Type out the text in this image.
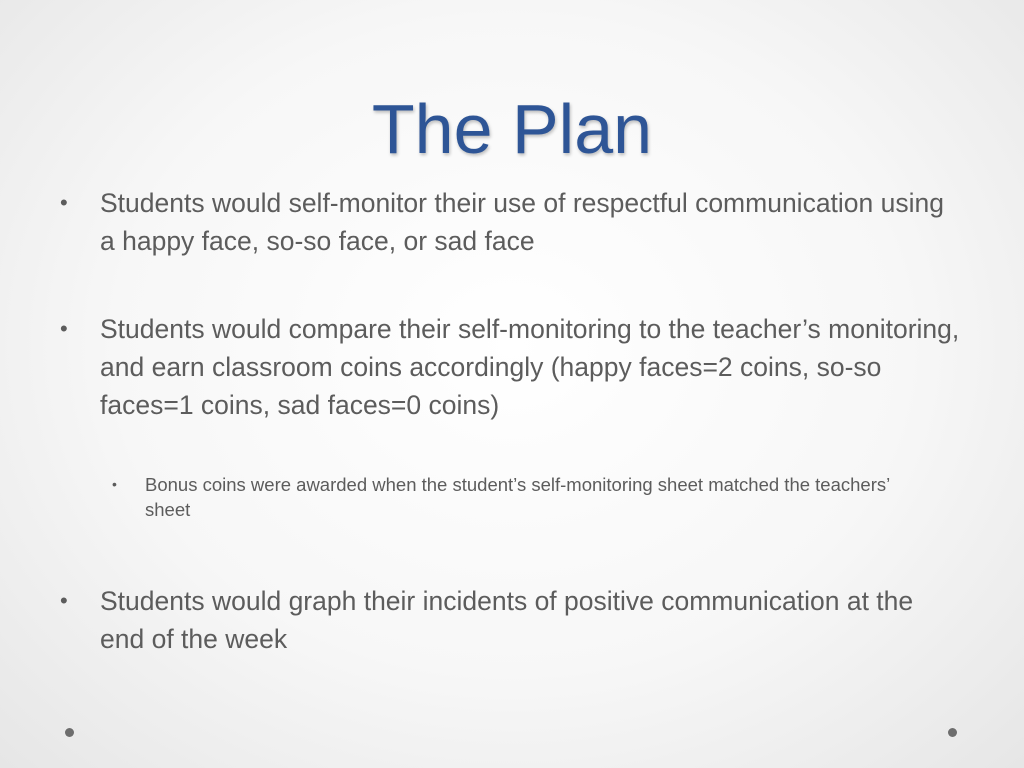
The Plan
• Students would self-monitor their use of respectful communication using a happy face, so-so face, or sad face
• Students would compare their self-monitoring to the teacher’s monitoring, and earn classroom coins accordingly (happy faces=2 coins, so-so faces=1 coins, sad faces=0 coins)
• Bonus coins were awarded when the student’s self-monitoring sheet matched the teachers’ sheet
• Students would graph their incidents of positive communication at the end of the week
